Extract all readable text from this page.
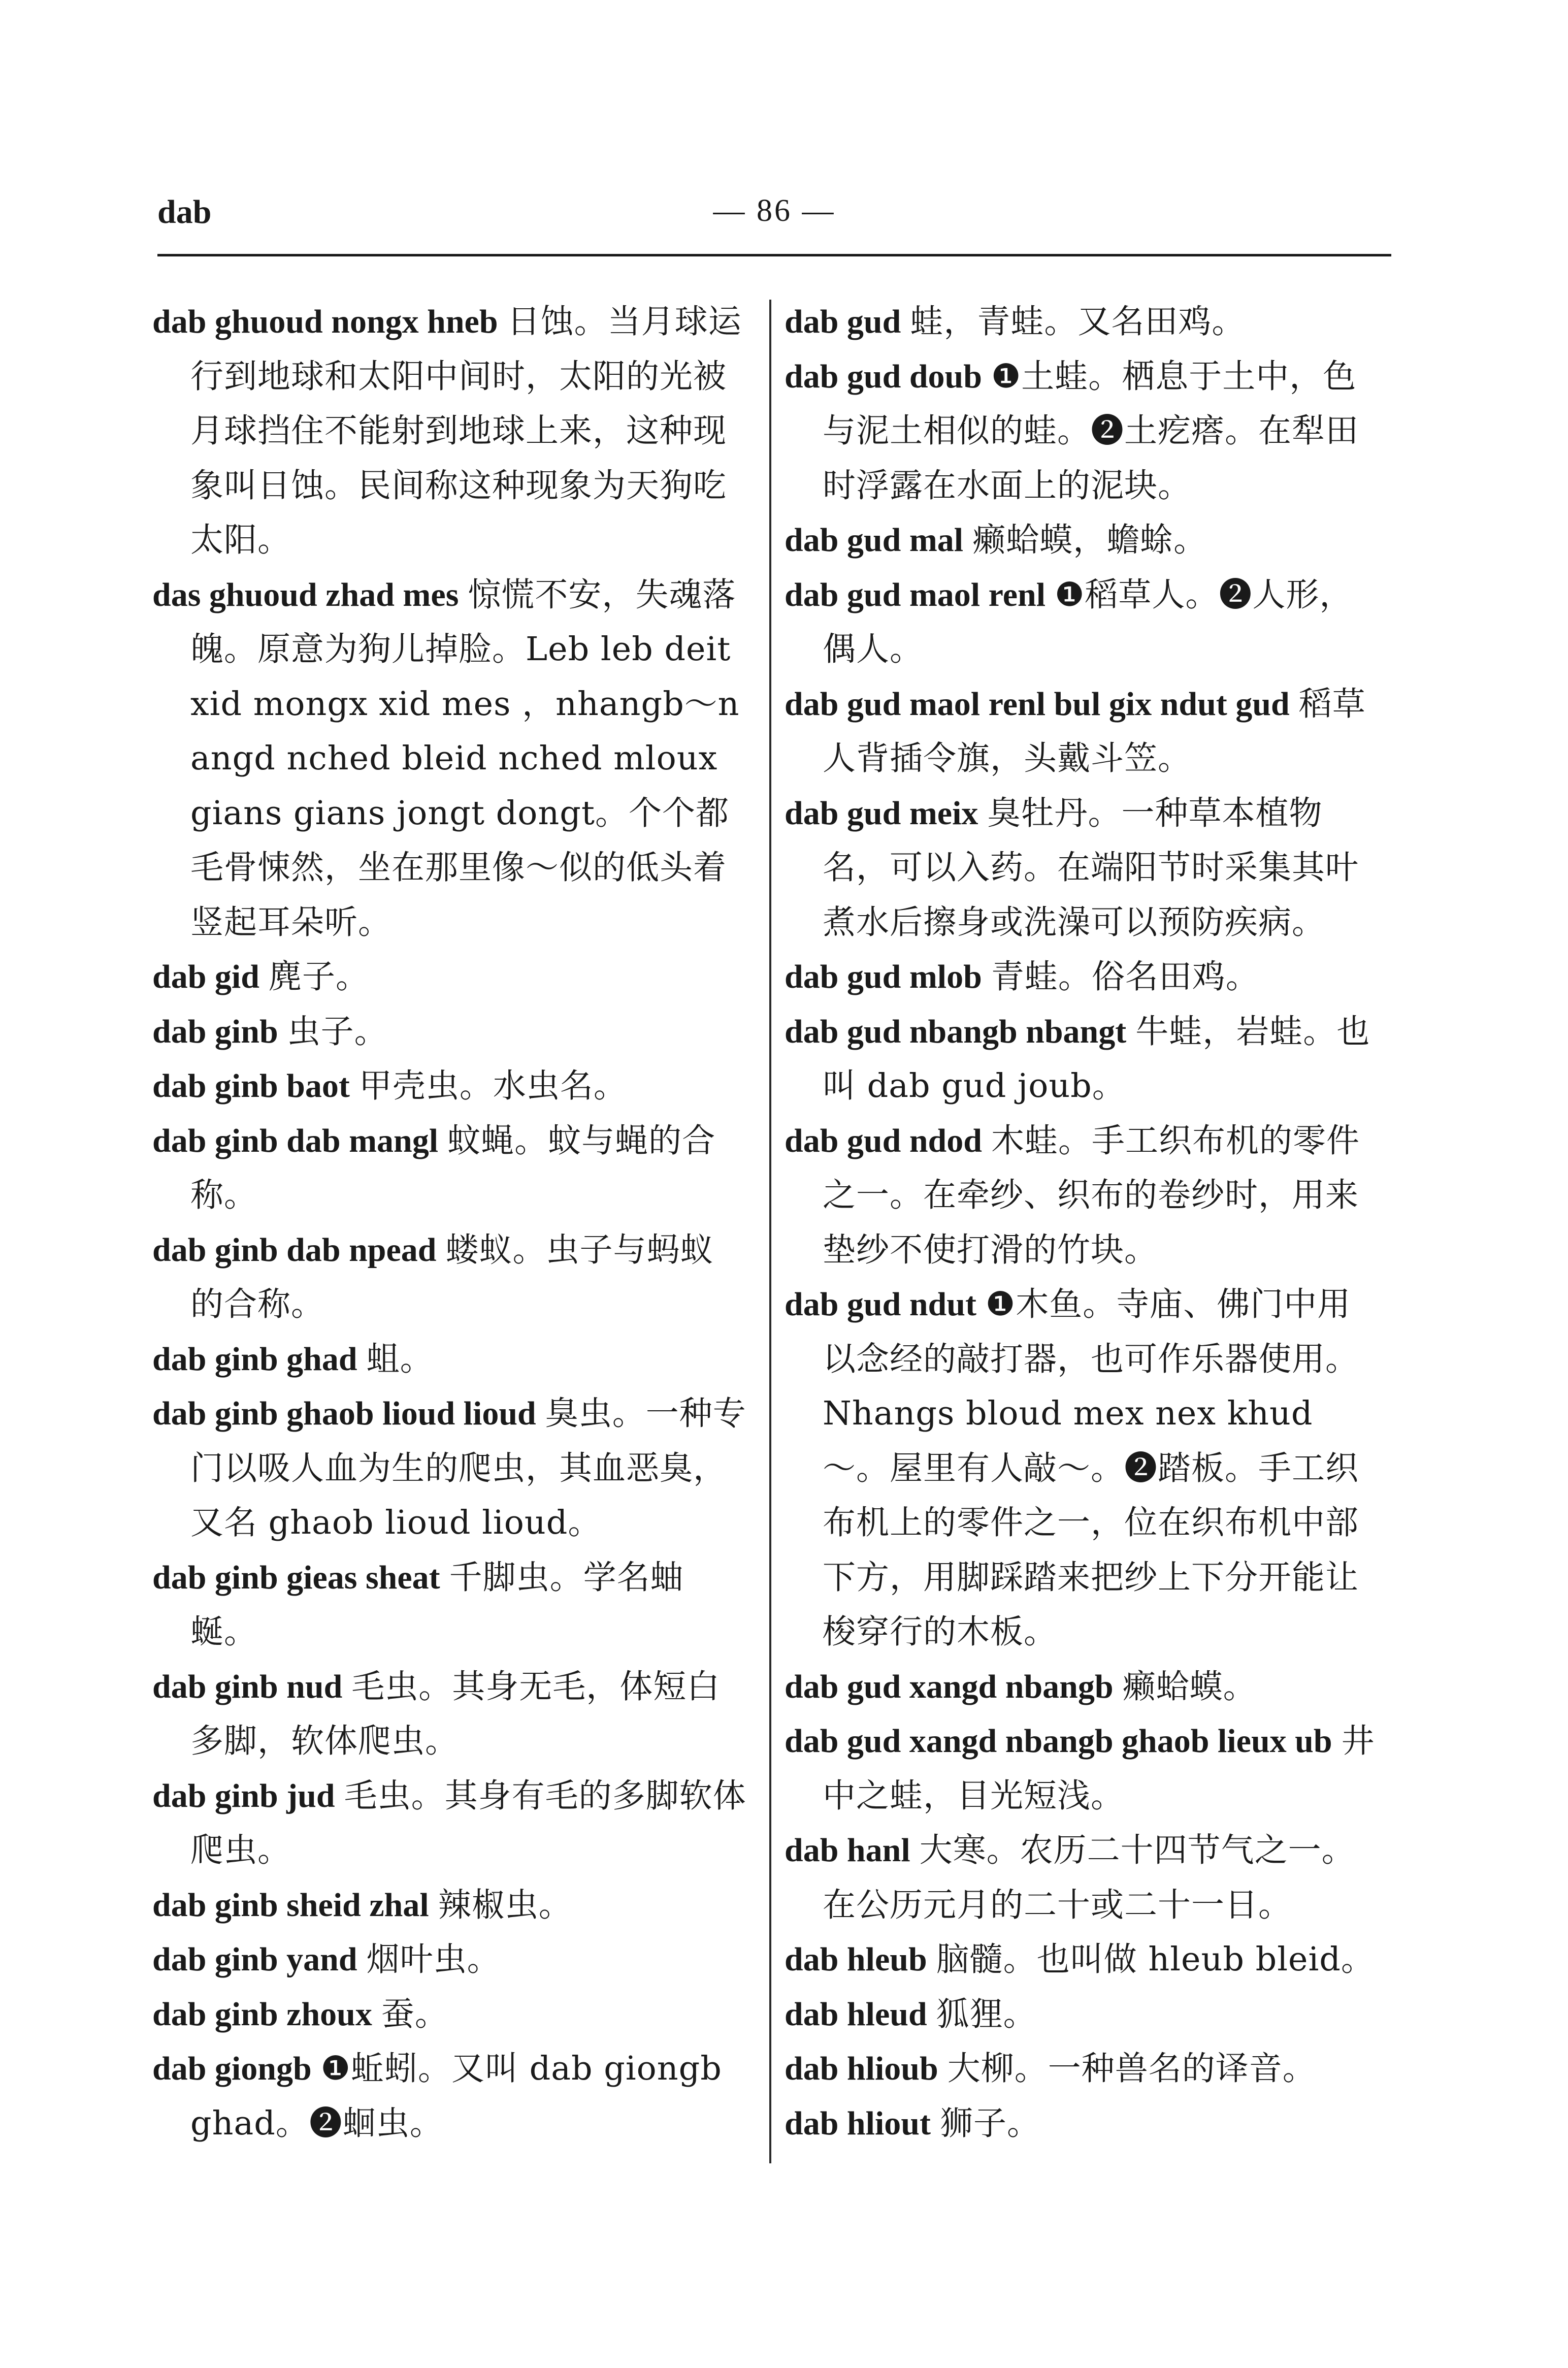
dab	— 86 —
dab ghuoud nongx hneb 日蚀。当月球运行到地球和太阳中间时，太阳的光被月球挡住不能射到地球上来，这种现象叫日蚀。民间称这种现象为天狗吃太阳。
das ghuoud zhad mes 惊慌不安，失魂落魄。原意为狗儿掉脸。Leb leb deit xid mongx xid mes ，nhangb～nangd nched bleid nched mloux gians gians jongt dongt。个个都毛骨悚然，坐在那里像～似的低头着竖起耳朵听。
dab gid 麂子。
dab ginb 虫子。
dab ginb baot 甲壳虫。水虫名。
dab ginb dab mangl 蚊蝇。蚊与蝇的合称。
dab ginb dab npead 蝼蚁。虫子与蚂蚁的合称。
dab ginb ghad 蛆。
dab ginb ghaob lioud lioud 臭虫。一种专门以吸人血为生的爬虫，其血恶臭，又名 ghaob lioud lioud。
dab ginb gieas sheat 千脚虫。学名蚰蜒。
dab ginb nud 毛虫。其身无毛，体短白多脚，软体爬虫。
dab ginb jud 毛虫。其身有毛的多脚软体爬虫。
dab ginb sheid zhal 辣椒虫。
dab ginb yand 烟叶虫。
dab ginb zhoux 蚕。
dab giongb ❶蚯蚓。又叫 dab giongb ghad。❷蛔虫。
dab gud 蛙，青蛙。又名田鸡。
dab gud doub ❶土蛙。栖息于土中，色与泥土相似的蛙。❷土疙瘩。在犁田时浮露在水面上的泥块。
dab gud mal 癞蛤蟆，蟾蜍。
dab gud maol renl ❶稻草人。❷人形，偶人。
dab gud maol renl bul gix ndut gud 稻草人背插令旗，头戴斗笠。
dab gud meix 臭牡丹。一种草本植物名，可以入药。在端阳节时采集其叶煮水后擦身或洗澡可以预防疾病。
dab gud mlob 青蛙。俗名田鸡。
dab gud nbangb nbangt 牛蛙，岩蛙。也叫 dab gud joub。
dab gud ndod 木蛙。手工织布机的零件之一。在牵纱、织布的卷纱时，用来垫纱不使打滑的竹块。
dab gud ndut ❶木鱼。寺庙、佛门中用以念经的敲打器，也可作乐器使用。Nhangs bloud mex nex khud～。屋里有人敲～。❷踏板。手工织布机上的零件之一，位在织布机中部下方，用脚踩踏来把纱上下分开能让梭穿行的木板。
dab gud xangd nbangb 癞蛤蟆。
dab gud xangd nbangb ghaob lieux ub 井中之蛙，目光短浅。
dab hanl 大寒。农历二十四节气之一。在公历元月的二十或二十一日。
dab hleub 脑髓。也叫做 hleub bleid。
dab hleud 狐狸。
dab hlioub 大柳。一种兽名的译音。
dab hliout 狮子。
